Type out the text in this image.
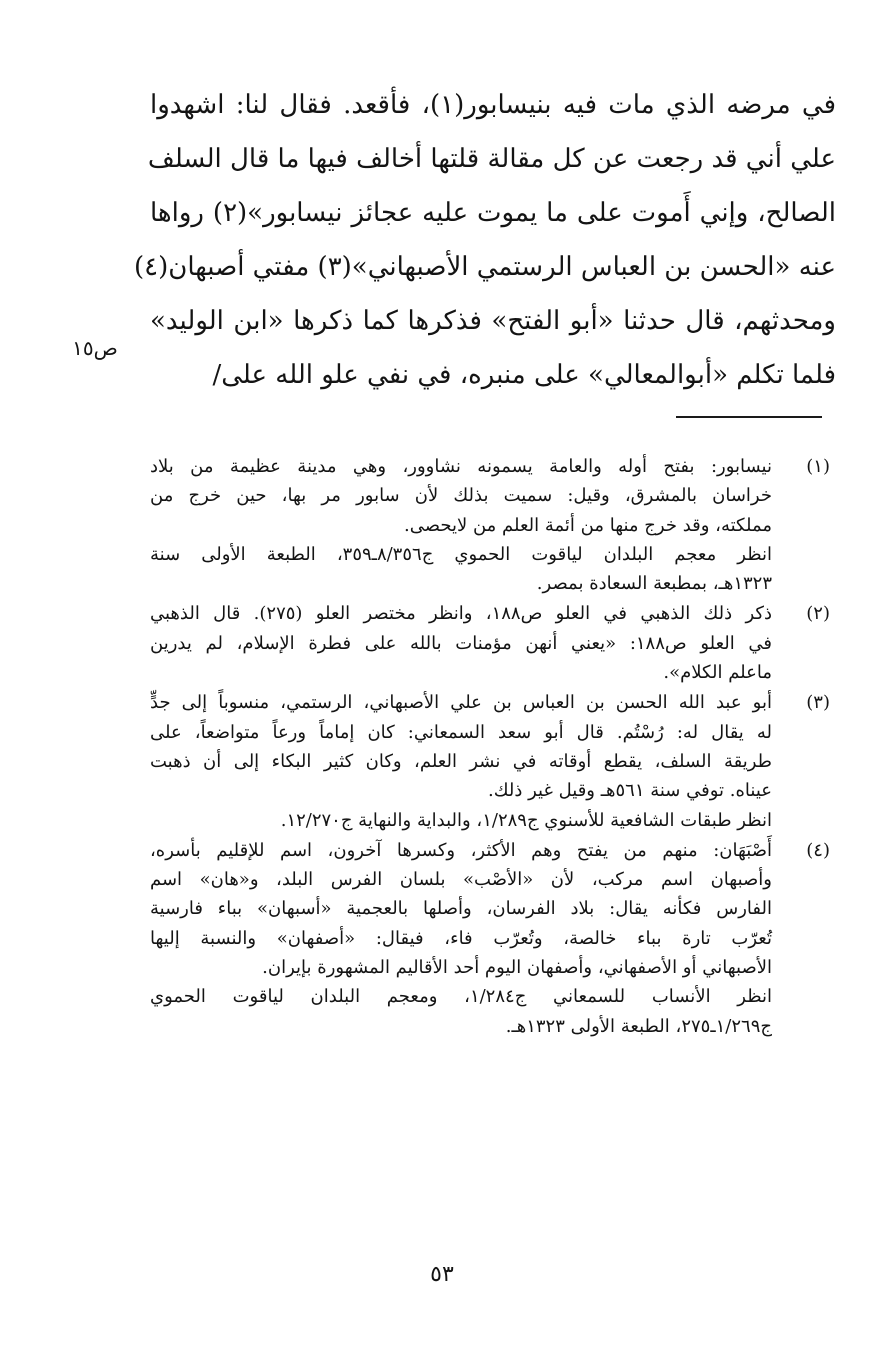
في مرضه الذي مات فيه بنيسابور(١)، فأقعد. فقال لنا: اشهدوا
علي أني قد رجعت عن كل مقالة قلتها أخالف فيها ما قال السلف
الصالح، وإني أَموت على ما يموت عليه عجائز نيسابور»(٢) رواها
عنه «الحسن بن العباس الرستمي الأصبهاني»(٣) مفتي أصبهان(٤)
ومحدثهم، قال حدثنا «أبو الفتح» فذكرها كما ذكرها «ابن الوليد»
فلما تكلم «أبوالمعالي» على منبره، في نفي علو الله على/
ص١٥
(١)
نيسابور: بفتح أوله والعامة يسمونه نشاوور، وهي مدينة عظيمة من بلاد
خراسان بالمشرق، وقيل: سميت بذلك لأن سابور مر بها، حين خرج من
مملكته، وقد خرج منها من أئمة العلم من لايحصى.
انظر معجم البلدان لياقوت الحموي ج٨/٣٥٦ـ٣٥٩، الطبعة الأولى سنة
١٣٢٣هـ، بمطبعة السعادة بمصر.
(٢)
ذكر ذلك الذهبي في العلو ص١٨٨، وانظر مختصر العلو (٢٧٥). قال الذهبي
في العلو ص١٨٨: «يعني أنهن مؤمنات بالله على فطرة الإسلام، لم يدرين
ماعلم الكلام».
(٣)
أبو عبد الله الحسن بن العباس بن علي الأصبهاني، الرستمي، منسوباً إلى جدٍّ
له يقال له: رُسْتُم. قال أبو سعد السمعاني: كان إماماً ورعاً متواضعاً، على
طريقة السلف، يقطع أوقاته في نشر العلم، وكان كثير البكاء إلى أن ذهبت
عيناه. توفي سنة ٥٦١هـ وقيل غير ذلك.
انظر طبقات الشافعية للأسنوي ج١/٢٨٩، والبداية والنهاية ج١٢/٢٧٠.
(٤)
أَصْبَهَان: منهم من يفتح وهم الأكثر، وكسرها آخرون، اسم للإقليم بأسره،
وأصبهان اسم مركب، لأن «الأصْب» بلسان الفرس البلد، و«هان» اسم
الفارس فكأنه يقال: بلاد الفرسان، وأصلها بالعجمية «أسبهان» بباء فارسية
تُعرّب تارة بباء خالصة، وتُعرّب فاء، فيقال: «أصفهان» والنسبة إليها
الأصبهاني أو الأصفهاني، وأصفهان اليوم أحد الأقاليم المشهورة بإيران.
انظر الأنساب للسمعاني ج١/٢٨٤، ومعجم البلدان لياقوت الحموي
ج١/٢٦٩ـ٢٧٥، الطبعة الأولى ١٣٢٣هـ.
٥٣
